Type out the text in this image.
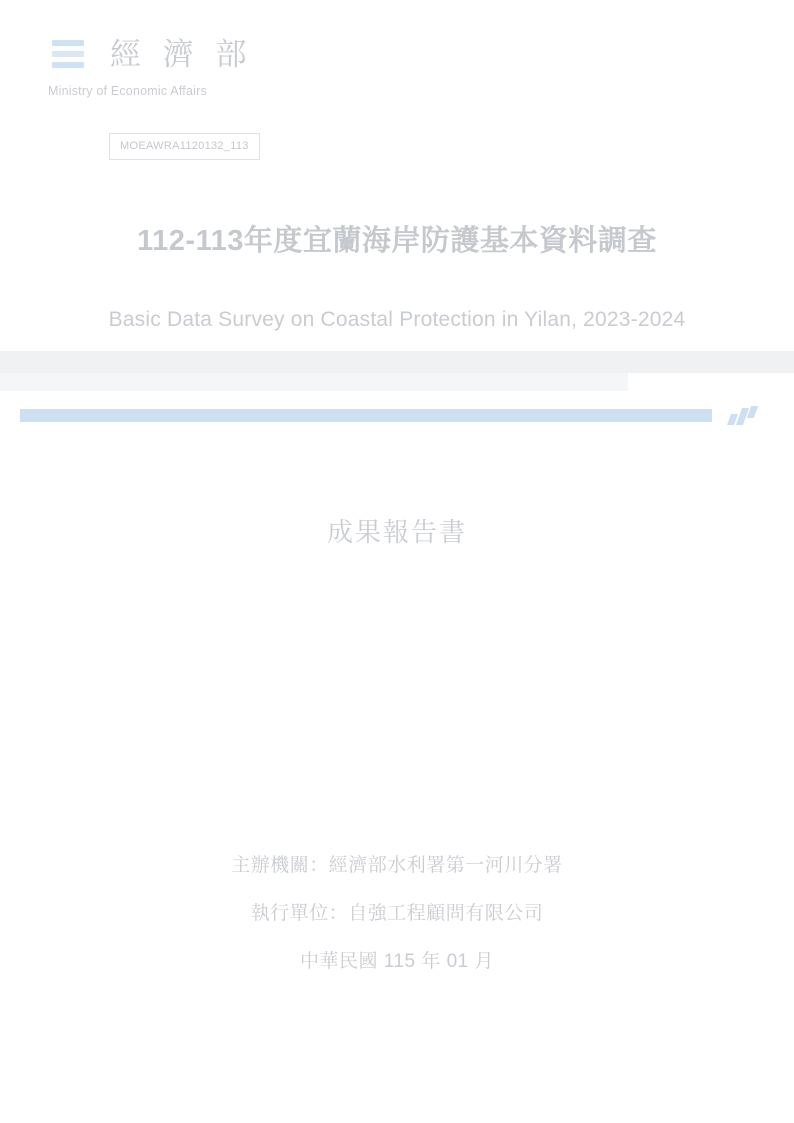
經 濟 部
Ministry of Economic Affairs
MOEAWRA1120132_113
112-113年度宜蘭海岸防護基本資料調查
Basic Data Survey on Coastal Protection in Yilan, 2023-2024
成果報告書
主辦機關：經濟部水利署第一河川分署
執行單位：自強工程顧問有限公司
中華民國 115 年 01 月
